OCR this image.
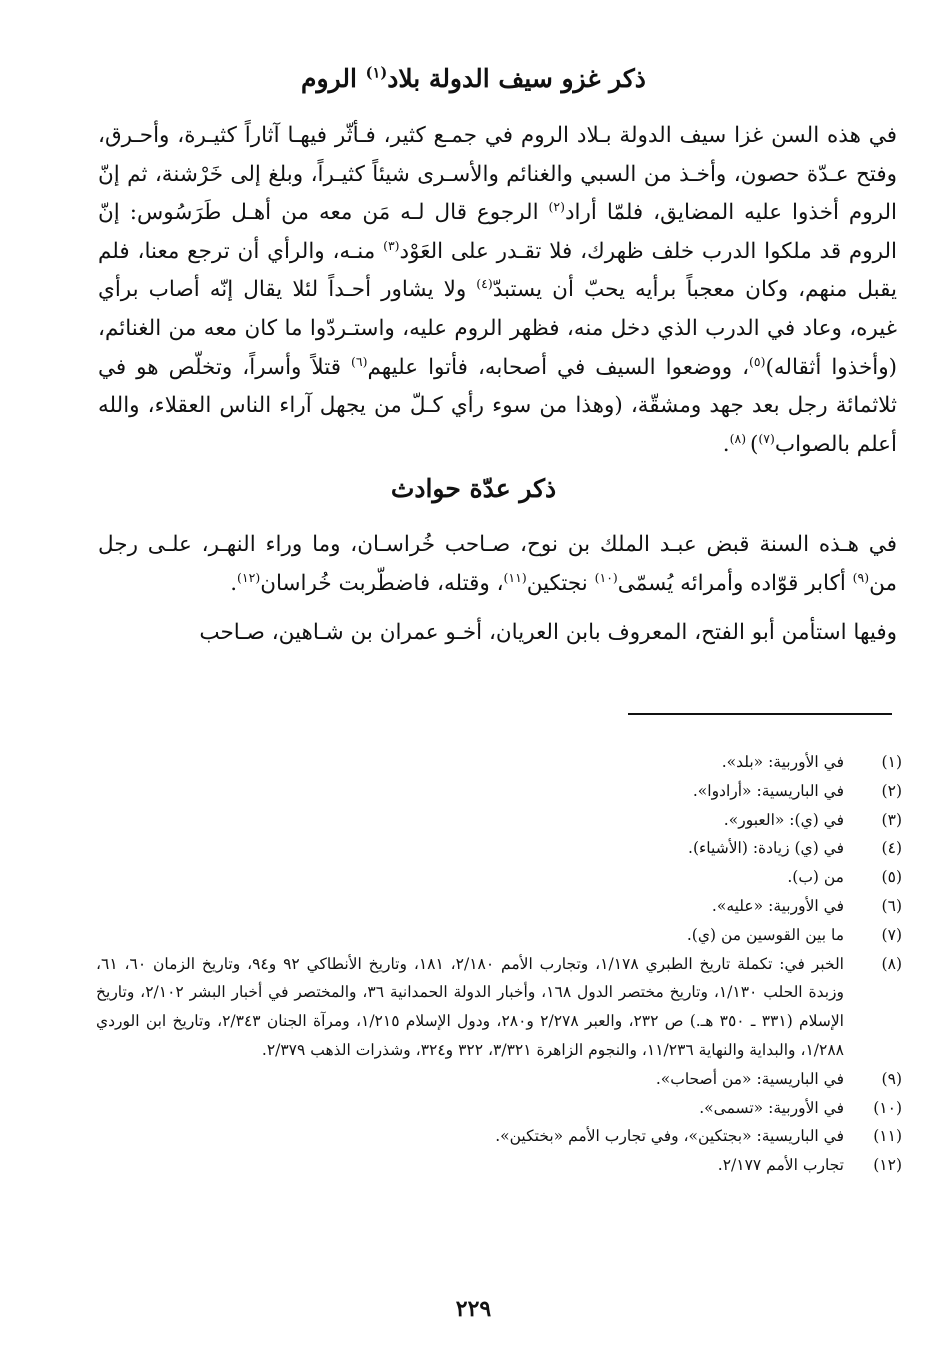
ذكر غزو سيف الدولة بلاد$^{(١)}$ الروم

في هذه السن غزا سيف الدولة بـلاد الروم في جمـع كثير، فـأثّر فيهـا آثاراً كثيـرة، وأحـرق، وفتح عـدّة حصون، وأخـذ من السبي والغنائم والأسـرى شيئاً كثيـراً، وبلغ إلى خَرْشنة، ثم إنّ الروم أخذوا عليه المضايق، فلمّا أراد$^{(٢)}$ الرجوع قال لـه مَن معه من أهـل طَرَسُوس: إنّ الروم قد ملكوا الدرب خلف ظهرك، فلا تقـدر على العَوْد$^{(٣)}$ منـه، والرأي أن ترجع معنا، فلم يقبل منهم، وكان معجباً برأيه يحبّ أن يستبدّ$^{(٤)}$ ولا يشاور أحـداً لئلا يقال إنّه أصاب برأي غيره، وعاد في الدرب الذي دخل منه، فظهر الروم عليه، واستـردّوا ما كان معه من الغنائم، (وأخذوا أثقاله)$^{(٥)}$، ووضعوا السيف في أصحابه، فأتوا عليهم$^{(٦)}$ قتلاً وأسراً، وتخلّص هو في ثلاثمائة رجل بعد جهد ومشقّة، (وهذا من سوء رأي كـلّ من يجهل آراء الناس العقلاء، والله أعلم بالصواب$^{(٧)}$) $^{(٨)}$.

ذكر عدّة حوادث

في هـذه السنة قبض عبـد الملك بن نوح، صـاحب خُراسـان، وما وراء النهـر، علـى رجل من$^{(٩)}$ أكابر قوّاده وأمرائه يُسمّى$^{(١٠)}$ نجتكين$^{(١١)}$، وقتله، فاضطّربت خُراسان$^{(١٢)}$.

وفيها استأمن أبو الفتح، المعروف بابن العريان، أخـو عمران بن شـاهين، صـاحب

(١)
في الأوربية: «بلد».
(٢)
في الباريسية: «أرادوا».
(٣)
في (ي): «العبور».
(٤)
في (ي) زيادة: (الأشياء).
(٥)
من (ب).
(٦)
في الأوربية: «عليه».
(٧)
ما بين القوسين من (ي).
(٨)
الخبر في: تكملة تاريخ الطبري ١/١٧٨، وتجارب الأمم ٢/١٨٠، ١٨١، وتاريخ الأنطاكي ٩٢ و٩٤، وتاريخ الزمان ٦٠، ٦١، وزبدة الحلب ١/١٣٠، وتاريخ مختصر الدول ١٦٨، وأخبار الدولة الحمدانية ٣٦، والمختصر في أخبار البشر ٢/١٠٢، وتاريخ الإسلام (٣٣١ ـ ٣٥٠ هـ.) ص ٢٣٢، والعبر ٢/٢٧٨ و٢٨٠، ودول الإسلام ١/٢١٥، ومرآة الجنان ٢/٣٤٣، وتاريخ ابن الوردي ١/٢٨٨، والبداية والنهاية ١١/٢٣٦، والنجوم الزاهرة ٣/٣٢١، ٣٢٢ و٣٢٤، وشذرات الذهب ٢/٣٧٩.
(٩)
في الباريسية: «من أصحاب».
(١٠)
في الأوربية: «تسمى».
(١١)
في الباريسية: «بجتكين»، وفي تجارب الأمم «بختكين».
(١٢)
تجارب الأمم ٢/١٧٧.
٢٢٩
